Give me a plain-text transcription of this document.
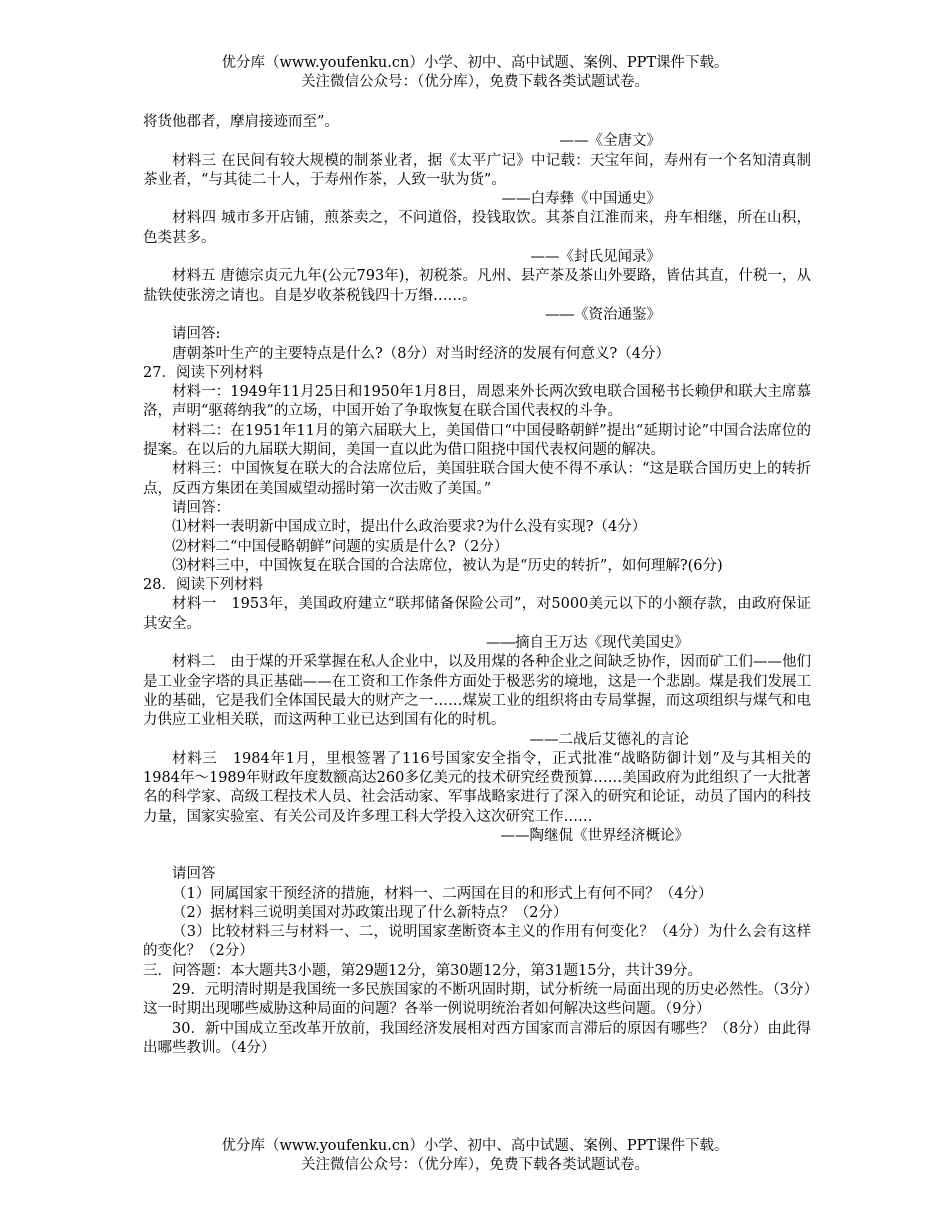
优分库（www.youfenku.cn）小学、初中、高中试题、案例、PPT课件下载。
关注微信公众号：（优分库），免费下载各类试题试卷。

将货他郡者，摩肩接迹而至”。

——《全唐文》

材料三 在民间有较大规模的制茶业者，据《太平广记》中记载：天宝年间，寿州有一个名知清真制茶业者，“与其徒二十人，于寿州作茶，人致一驮为货”。

——白寿彝《中国通史》

材料四 城市多开店铺，煎茶卖之，不问道俗，投钱取饮。其茶自江淮而来，舟车相继，所在山积，色类甚多。

——《封氏见闻录》

材料五 唐德宗贞元九年(公元793年)，初税茶。凡州、县产茶及茶山外要路，皆估其直，什税一，从盐铁使张滂之请也。自是岁收茶税钱四十万缗……。

—―《资治通鉴》

请回答:

唐朝茶叶生产的主要特点是什么?（8分）对当时经济的发展有何意义?（4分）

27．阅读下列材料

材料一：1949年11月25日和1950年1月8日，周恩来外长两次致电联合国秘书长赖伊和联大主席慕洛，声明“驱蒋纳我”的立场，中国开始了争取恢复在联合国代表权的斗争。

材料二：在1951年11月的第六届联大上，美国借口“中国侵略朝鲜”提出“延期讨论”中国合法席位的提案。在以后的九届联大期间，美国一直以此为借口阻挠中国代表权问题的解决。

材料三：中国恢复在联大的合法席位后，美国驻联合国大使不得不承认：“这是联合国历史上的转折点，反西方集团在美国威望动摇时第一次击败了美国。”

请回答：

⑴材料一表明新中国成立时，提出什么政治要求?为什么没有实现?（4分）

⑵材料二“中国侵略朝鲜”问题的实质是什么?（2分）

⑶材料三中，中国恢复在联合国的合法席位，被认为是“历史的转折”，如何理解?(6分)

28．阅读下列材料

材料一　1953年，美国政府建立“联邦储备保险公司”，对5000美元以下的小额存款，由政府保证其安全。

—―摘自王万达《现代美国史》

材料二　由于煤的开采掌握在私人企业中，以及用煤的各种企业之间缺乏协作，因而矿工们——他们是工业金字塔的具正基础——在工资和工作条件方面处于极恶劣的境地，这是一个悲剧。煤是我们发展工业的基础，它是我们全体国民最大的财产之一……煤炭工业的组织将由专局掌握，而这项组织与煤气和电力供应工业相关联，而这两种工业已达到国有化的时机。

——二战后艾德礼的言论

材料三　1984年1月，里根签署了116号国家安全指令，正式批准“战略防御计划”及与其相关的1984年～1989年财政年度数额高达260多亿美元的技术研究经费预算……美国政府为此组织了一大批著名的科学家、高级工程技术人员、社会活动家、军事战略家进行了深入的研究和论证，动员了国内的科技力量，国家实验室、有关公司及许多理工科大学投入这次研究工作……

——陶继侃《世界经济概论》

请回答

（1）同属国家干预经济的措施，材料一、二两国在目的和形式上有何不同？（4分）

（2）据材料三说明美国对苏政策出现了什么新特点？（2分）

（3）比较材料三与材料一、二，说明国家垄断资本主义的作用有何变化？（4分）为什么会有这样的变化？（2分）

三．问答题：本大题共3小题，第29题12分，第30题12分，第31题15分，共计39分。

29．元明清时期是我国统一多民族国家的不断巩固时期，试分析统一局面出现的历史必然性。（3分）这一时期出现哪些威胁这种局面的问题？各举一例说明统治者如何解决这些问题。（9分）

30．新中国成立至改革开放前，我国经济发展相对西方国家而言滞后的原因有哪些？（8分）由此得出哪些教训。（4分）

优分库（www.youfenku.cn）小学、初中、高中试题、案例、PPT课件下载。
关注微信公众号：（优分库），免费下载各类试题试卷。
